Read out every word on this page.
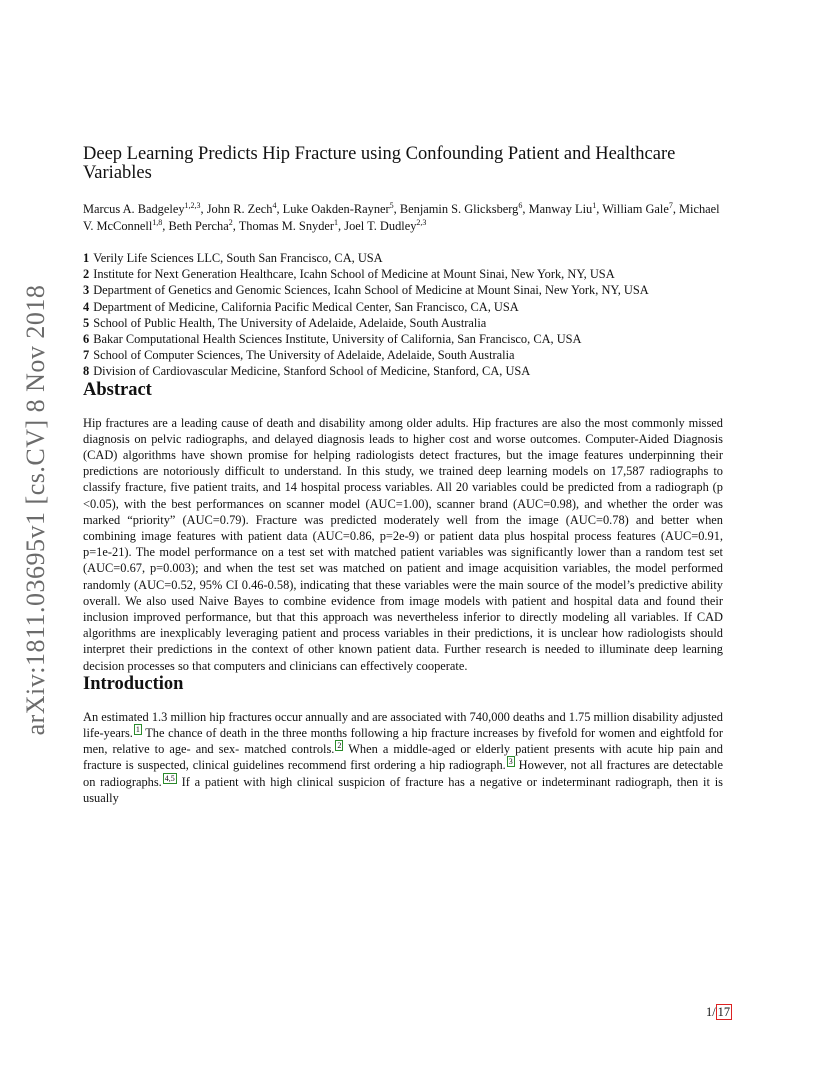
arXiv:1811.03695v1 [cs.CV] 8 Nov 2018
Deep Learning Predicts Hip Fracture using Confounding Patient and Healthcare Variables
Marcus A. Badgeley$^{1,2,3}$, John R. Zech$^4$, Luke Oakden-Rayner$^5$, Benjamin S. Glicksberg$^6$, Manway Liu$^1$, William Gale$^7$, Michael V. McConnell$^{1,8}$, Beth Percha$^2$, Thomas M. Snyder$^1$, Joel T. Dudley$^{2,3}$
1 Verily Life Sciences LLC, South San Francisco, CA, USA
2 Institute for Next Generation Healthcare, Icahn School of Medicine at Mount Sinai, New York, NY, USA
3 Department of Genetics and Genomic Sciences, Icahn School of Medicine at Mount Sinai, New York, NY, USA
4 Department of Medicine, California Pacific Medical Center, San Francisco, CA, USA
5 School of Public Health, The University of Adelaide, Adelaide, South Australia
6 Bakar Computational Health Sciences Institute, University of California, San Francisco, CA, USA
7 School of Computer Sciences, The University of Adelaide, Adelaide, South Australia
8 Division of Cardiovascular Medicine, Stanford School of Medicine, Stanford, CA, USA
Abstract

Hip fractures are a leading cause of death and disability among older adults. Hip fractures are also the most commonly missed diagnosis on pelvic radiographs, and delayed diagnosis leads to higher cost and worse outcomes. Computer-Aided Diagnosis (CAD) algorithms have shown promise for helping radiologists detect fractures, but the image features underpinning their predictions are notoriously difficult to understand. In this study, we trained deep learning models on 17,587 radiographs to classify fracture, five patient traits, and 14 hospital process variables. All 20 variables could be predicted from a radiograph (p <0.05), with the best performances on scanner model (AUC=1.00), scanner brand (AUC=0.98), and whether the order was marked “priority” (AUC=0.79). Fracture was predicted moderately well from the image (AUC=0.78) and better when combining image features with patient data (AUC=0.86, p=2e-9) or patient data plus hospital process features (AUC=0.91, p=1e-21). The model performance on a test set with matched patient variables was significantly lower than a random test set (AUC=0.67, p=0.003); and when the test set was matched on patient and image acquisition variables, the model performed randomly (AUC=0.52, 95% CI 0.46-0.58), indicating that these variables were the main source of the model’s predictive ability overall. We also used Naive Bayes to combine evidence from image models with patient and hospital data and found their inclusion improved performance, but that this approach was nevertheless inferior to directly modeling all variables. If CAD algorithms are inexplicably leveraging patient and process variables in their predictions, it is unclear how radiologists should interpret their predictions in the context of other known patient data. Further research is needed to illuminate deep learning decision processes so that computers and clinicians can effectively cooperate.

Introduction

An estimated 1.3 million hip fractures occur annually and are associated with 740,000 deaths and 1.75 million disability adjusted life-years. $^1$ The chance of death in the three months following a hip fracture increases by fivefold for women and eightfold for men, relative to age- and sex- matched controls. $^2$ When a middle-aged or elderly patient presents with acute hip pain and fracture is suspected, clinical guidelines recommend first ordering a hip radiograph. $^3$ However, not all fractures are detectable on radiographs. $^{4,5}$ If a patient with high clinical suspicion of fracture has a negative or indeterminant radiograph, then it is usually

1/ 17
